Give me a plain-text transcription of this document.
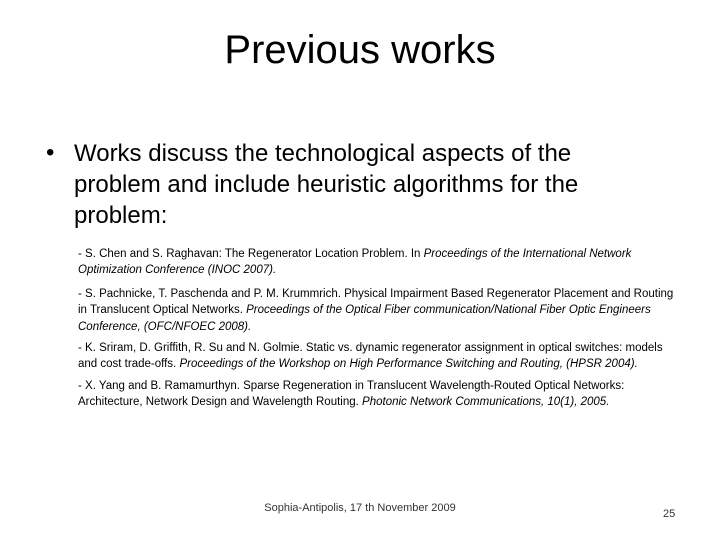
Previous works
• Works discuss the technological aspects of the problem and include heuristic algorithms for the problem:
- S. Chen and S. Raghavan: The Regenerator Location Problem. In Proceedings of the International Network Optimization Conference (INOC 2007).
- S. Pachnicke, T. Paschenda and P. M. Krummrich. Physical Impairment Based Regenerator Placement and Routing in Translucent Optical Networks. Proceedings of the Optical Fiber communication/National Fiber Optic Engineers Conference, (OFC/NFOEC 2008).
- K. Sriram, D. Griffith, R. Su and N. Golmie. Static vs. dynamic regenerator assignment in optical switches: models and cost trade-offs. Proceedings of the Workshop on High Performance Switching and Routing, (HPSR 2004).
- X. Yang and B. Ramamurthyn. Sparse Regeneration in Translucent Wavelength-Routed Optical Networks: Architecture, Network Design and Wavelength Routing. Photonic Network Communications, 10(1), 2005.
Sophia-Antipolis, 17 th November 2009	25
